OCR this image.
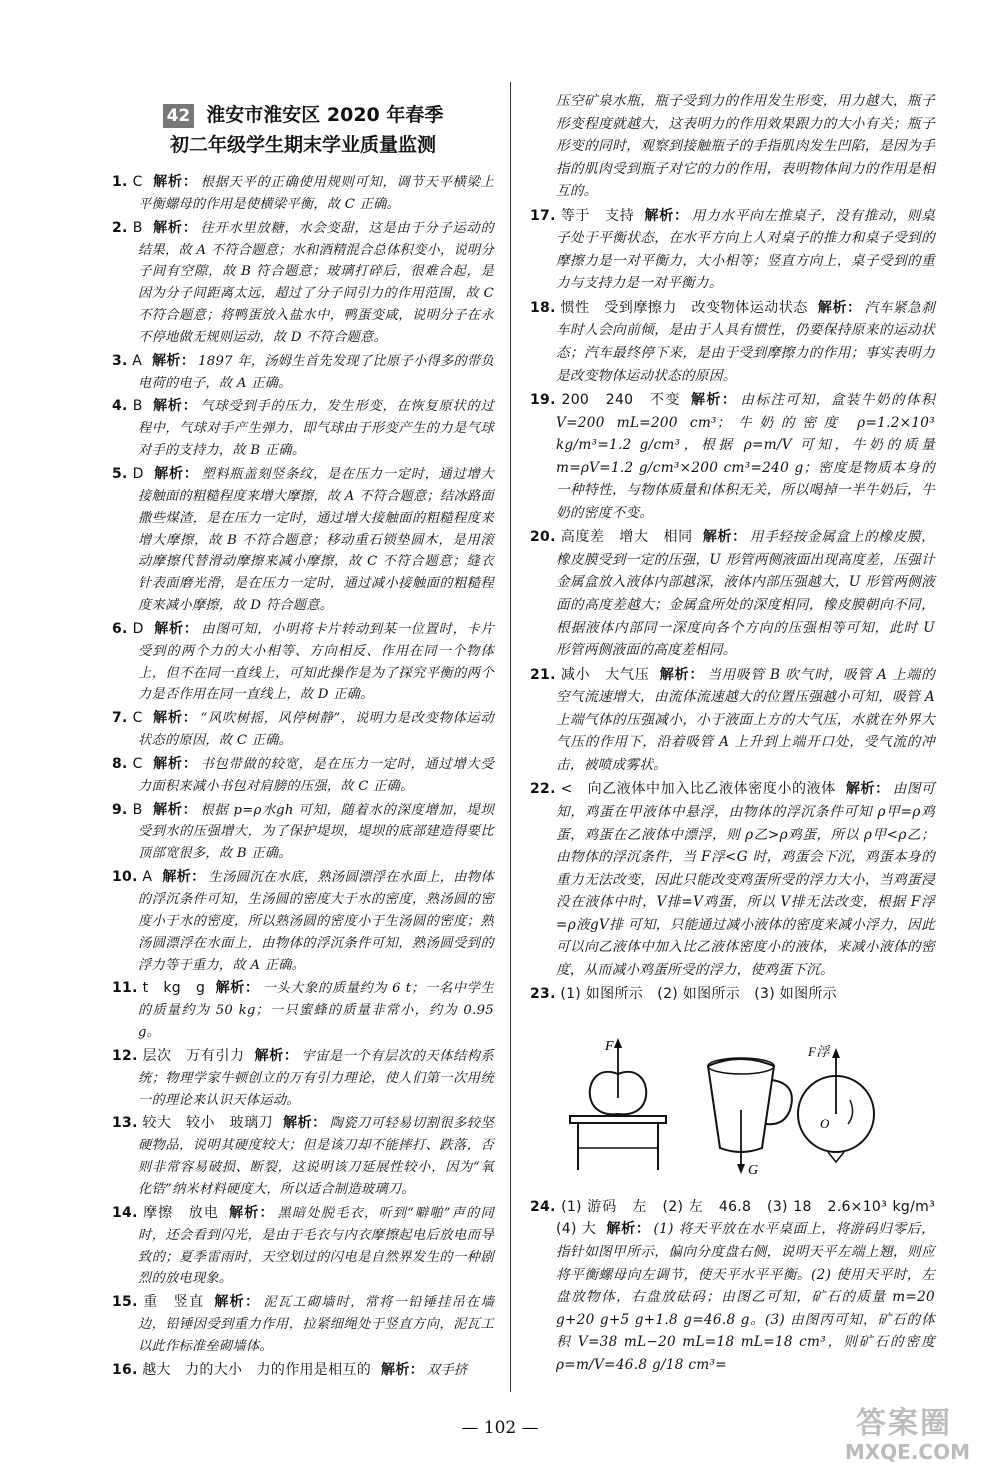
42 淮安市淮安区 2020 年春季
初二年级学生期末学业质量监测
1. C 解析： 根据天平的正确使用规则可知，调节天平横梁上平衡螺母的作用是使横梁平衡，故 C 正确。
2. B 解析： 往开水里放糖，水会变甜，这是由于分子运动的结果，故 A 不符合题意；水和酒精混合总体积变小，说明分子间有空隙，故 B 符合题意；玻璃打碎后，很难合起，是因为分子间距离太远，超过了分子间引力的作用范围，故 C 不符合题意；将鸭蛋放入盐水中，鸭蛋变咸，说明分子在永不停地做无规则运动，故 D 不符合题意。
3. A 解析： 1897 年，汤姆生首先发现了比原子小得多的带负电荷的电子，故 A 正确。
4. B 解析： 气球受到手的压力，发生形变，在恢复原状的过程中，气球对手产生弹力，即气球由于形变产生的力是气球对手的支持力，故 B 正确。
5. D 解析： 塑料瓶盖刻竖条纹，是在压力一定时，通过增大接触面的粗糙程度来增大摩擦，故 A 不符合题意；结冰路面撒些煤渣，是在压力一定时，通过增大接触面的粗糙程度来增大摩擦，故 B 不符合题意；移动重石锁垫圆木，是用滚动摩擦代替滑动摩擦来减小摩擦，故 C 不符合题意；缝衣针表面磨光滑，是在压力一定时，通过减小接触面的粗糙程度来减小摩擦，故 D 符合题意。
6. D 解析： 由图可知，小明将卡片转动到某一位置时，卡片受到的两个力的大小相等、方向相反、作用在同一个物体上，但不在同一直线上，可知此操作是为了探究平衡的两个力是否作用在同一直线上，故 D 正确。
7. C 解析： “风吹树摇，风停树静”，说明力是改变物体运动状态的原因，故 C 正确。
8. C 解析： 书包带做的较宽，是在压力一定时，通过增大受力面积来减小书包对肩膀的压强，故 C 正确。
9. B 解析： 根据 p=ρ水gh 可知，随着水的深度增加，堤坝受到水的压强增大，为了保护堤坝，堤坝的底部建造得要比顶部宽很多，故 B 正确。
10. A 解析： 生汤圆沉在水底，熟汤圆漂浮在水面上，由物体的浮沉条件可知，生汤圆的密度大于水的密度，熟汤圆的密度小于水的密度，所以熟汤圆的密度小于生汤圆的密度；熟汤圆漂浮在水面上，由物体的浮沉条件可知，熟汤圆受到的浮力等于重力，故 A 正确。
11. t　kg　g 解析： 一头大象的质量约为 6 t；一名中学生的质量约为 50 kg；一只蜜蜂的质量非常小，约为 0.95 g。
12. 层次　万有引力 解析： 宇宙是一个有层次的天体结构系统；物理学家牛顿创立的万有引力理论，使人们第一次用统一的理论来认识天体运动。
13. 较大　较小　玻璃刀 解析： 陶瓷刀可轻易切割很多较坚硬物品，说明其硬度较大；但是该刀却不能摔打、跌落，否则非常容易破损、断裂，这说明该刀延展性较小，因为“氧化锆”纳米材料硬度大，所以适合制造玻璃刀。
14. 摩擦　放电 解析： 黑暗处脱毛衣，听到“噼啪”声的同时，还会看到闪光，是由于毛衣与内衣摩擦起电后放电而导致的；夏季雷雨时，天空划过的闪电是自然界发生的一种剧烈的放电现象。
15. 重　竖直 解析： 泥瓦工砌墙时，常将一铅锤挂吊在墙边，铅锤因受到重力作用，拉紧细绳处于竖直方向，泥瓦工以此作标准垒砌墙体。
16. 越大　力的大小　力的作用是相互的 解析： 双手挤
压空矿泉水瓶，瓶子受到力的作用发生形变，用力越大，瓶子形变程度就越大，这表明力的作用效果跟力的大小有关；瓶子形变的同时，观察到接触瓶子的手指肌肉发生凹陷，是因为手指的肌肉受到瓶子对它的力的作用，表明物体间力的作用是相互的。
17. 等于　支持 解析： 用力水平向左推桌子，没有推动，则桌子处于平衡状态，在水平方向上人对桌子的推力和桌子受到的摩擦力是一对平衡力，大小相等；竖直方向上，桌子受到的重力与支持力是一对平衡力。
18. 惯性　受到摩擦力　改变物体运动状态 解析： 汽车紧急刹车时人会向前倾，是由于人具有惯性，仍要保持原来的运动状态；汽车最终停下来，是由于受到摩擦力的作用；事实表明力是改变物体运动状态的原因。
19. 200　240　不变 解析： 由标注可知，盒装牛奶的体积 V=200 mL=200 cm³；牛奶的密度 ρ=1.2×10³ kg/m³=1.2 g/cm³，根据 ρ=m/V 可知，牛奶的质量 m=ρV=1.2 g/cm³×200 cm³=240 g；密度是物质本身的一种特性，与物体质量和体积无关，所以喝掉一半牛奶后，牛奶的密度不变。
20. 高度差　增大　相同 解析： 用手轻按金属盒上的橡皮膜，橡皮膜受到一定的压强，U 形管两侧液面出现高度差，压强计金属盒放入液体内部越深，液体内部压强越大，U 形管两侧液面的高度差越大；金属盒所处的深度相同，橡皮膜朝向不同，根据液体内部同一深度向各个方向的压强相等可知，此时 U 形管两侧液面的高度差相同。
21. 减小　大气压 解析： 当用吸管 B 吹气时，吸管 A 上端的空气流速增大，由流体流速越大的位置压强越小可知，吸管 A 上端气体的压强减小，小于液面上方的大气压，水就在外界大气压的作用下，沿着吸管 A 上升到上端开口处，受气流的冲击，被喷成雾状。
22. <　向乙液体中加入比乙液体密度小的液体 解析： 由图可知，鸡蛋在甲液体中悬浮，由物体的浮沉条件可知 ρ甲=ρ鸡蛋，鸡蛋在乙液体中漂浮，则 ρ乙>ρ鸡蛋，所以 ρ甲<ρ乙；由物体的浮沉条件，当 F浮<G 时，鸡蛋会下沉，鸡蛋本身的重力无法改变，因此只能改变鸡蛋所受的浮力大小，当鸡蛋浸没在液体中时，V排=V鸡蛋，所以 V排无法改变，根据 F浮=ρ液gV排 可知，只能通过减小液体的密度来减小浮力，因此可以向乙液体中加入比乙液体密度小的液体，来减小液体的密度，从而减小鸡蛋所受的浮力，使鸡蛋下沉。
23. (1) 如图所示　(2) 如图所示　(3) 如图所示
F
G
F浮
O
24. (1) 游码　左　(2) 左　46.8　(3) 18　2.6×10³ kg/m³　(4) 大 解析： (1) 将天平放在水平桌面上，将游码归零后，指针如图甲所示，偏向分度盘右侧，说明天平左端上翘，则应将平衡螺母向左调节，使天平水平平衡。(2) 使用天平时，左盘放物体，右盘放砝码；由图乙可知，矿石的质量 m=20 g+20 g+5 g+1.8 g=46.8 g。(3) 由图丙可知，矿石的体积 V=38 mL−20 mL=18 mL=18 cm³，则矿石的密度 ρ=m/V=46.8 g/18 cm³=
— 102 —	答案圈
MXQE.COM
